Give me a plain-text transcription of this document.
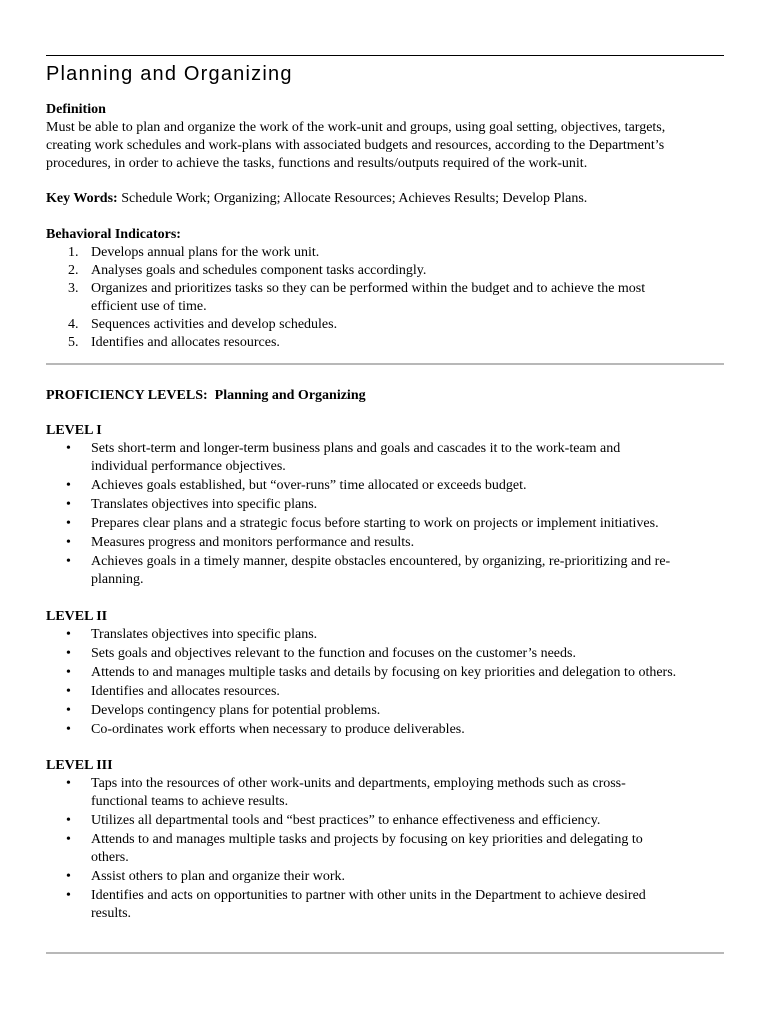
Planning and Organizing

Definition

Must be able to plan and organize the work of the work-unit and groups, using goal setting, objectives, targets,

creating work schedules and work-plans with associated budgets and resources, according to the Department’s

procedures, in order to achieve the tasks, functions and results/outputs required of the work-unit.

Key Words: Schedule Work; Organizing; Allocate Resources; Achieves Results; Develop Plans.

Behavioral Indicators:

1. Develops annual plans for the work unit.
2. Analyses goals and schedules component tasks accordingly.
3. Organizes and prioritizes tasks so they can be performed within the budget and to achieve the most
efficient use of time.
4. Sequences activities and develop schedules.
5. Identifies and allocates resources.

PROFICIENCY LEVELS:  Planning and Organizing

LEVEL I

• Sets short-term and longer-term business plans and goals and cascades it to the work-team and
individual performance objectives.
• Achieves goals established, but “over-runs” time allocated or exceeds budget.
• Translates objectives into specific plans.
• Prepares clear plans and a strategic focus before starting to work on projects or implement initiatives.
• Measures progress and monitors performance and results.
• Achieves goals in a timely manner, despite obstacles encountered, by organizing, re-prioritizing and re-
planning.

LEVEL II

• Translates objectives into specific plans.
• Sets goals and objectives relevant to the function and focuses on the customer’s needs.
• Attends to and manages multiple tasks and details by focusing on key priorities and delegation to others.
• Identifies and allocates resources.
• Develops contingency plans for potential problems.
• Co-ordinates work efforts when necessary to produce deliverables.

LEVEL III

• Taps into the resources of other work-units and departments, employing methods such as cross-
functional teams to achieve results.
• Utilizes all departmental tools and “best practices” to enhance effectiveness and efficiency.
• Attends to and manages multiple tasks and projects by focusing on key priorities and delegating to
others.
• Assist others to plan and organize their work.
• Identifies and acts on opportunities to partner with other units in the Department to achieve desired
results.
